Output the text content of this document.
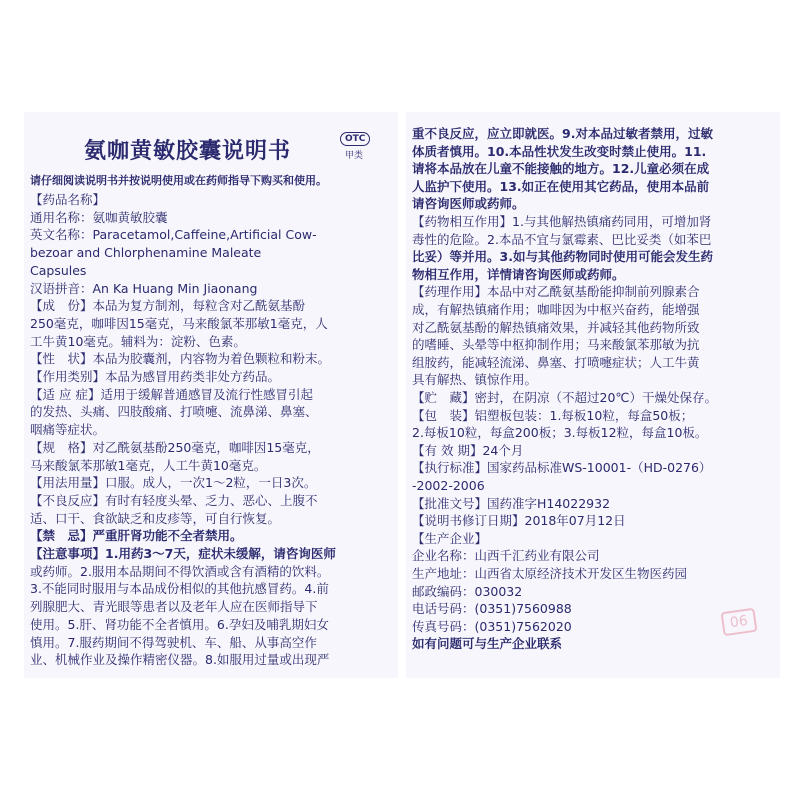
OTC
甲类
氨咖黄敏胶囊说明书
请仔细阅读说明书并按说明使用或在药师指导下购买和使用。
【药品名称】
通用名称：氨咖黄敏胶囊
英文名称：Paracetamol,Caffeine,Artificial Cow-
bezoar and Chlorphenamine Maleate
Capsules
汉语拼音：An Ka Huang Min Jiaonang
【成　份】本品为复方制剂，每粒含对乙酰氨基酚
250毫克，咖啡因15毫克，马来酸氯苯那敏1毫克，人
工牛黄10毫克。辅料为：淀粉、色素。
【性　状】本品为胶囊剂，内容物为着色颗粒和粉末。
【作用类别】本品为感冒用药类非处方药品。
【适 应 症】适用于缓解普通感冒及流行性感冒引起
的发热、头痛、四肢酸痛、打喷嚏、流鼻涕、鼻塞、
咽痛等症状。
【规　格】对乙酰氨基酚250毫克，咖啡因15毫克，
马来酸氯苯那敏1毫克，人工牛黄10毫克。
【用法用量】口服。成人，一次1～2粒，一日3次。
【不良反应】有时有轻度头晕、乏力、恶心、上腹不
适、口干、食欲缺乏和皮疹等，可自行恢复。
【禁　忌】严重肝肾功能不全者禁用。
【注意事项】1.用药3～7天，症状未缓解，请咨询医师
或药师。2.服用本品期间不得饮酒或含有酒精的饮料。
3.不能同时服用与本品成份相似的其他抗感冒药。4.前
列腺肥大、青光眼等患者以及老年人应在医师指导下
使用。5.肝、肾功能不全者慎用。6.孕妇及哺乳期妇女
慎用。7.服药期间不得驾驶机、车、船、从事高空作
业、机械作业及操作精密仪器。8.如服用过量或出现严
重不良反应，应立即就医。9.对本品过敏者禁用，过敏
体质者慎用。10.本品性状发生改变时禁止使用。11.
请将本品放在儿童不能接触的地方。12.儿童必须在成
人监护下使用。13.如正在使用其它药品，使用本品前
请咨询医师或药师。
【药物相互作用】1.与其他解热镇痛药同用，可增加肾
毒性的危险。2.本品不宜与氯霉素、巴比妥类（如苯巴
比妥）等并用。3.如与其他药物同时使用可能会发生药
物相互作用，详情请咨询医师或药师。
【药理作用】本品中对乙酰氨基酚能抑制前列腺素合
成，有解热镇痛作用；咖啡因为中枢兴奋药，能增强
对乙酰氨基酚的解热镇痛效果，并减轻其他药物所致
的嗜睡、头晕等中枢抑制作用；马来酸氯苯那敏为抗
组胺药，能减轻流涕、鼻塞、打喷嚏症状；人工牛黄
具有解热、镇惊作用。
【贮　藏】密封，在阴凉（不超过20℃）干燥处保存。
【包　装】铝塑板包装：1.每板10粒，每盒50板；
2.每板10粒，每盒200板；3.每板12粒，每盒10板。
【有 效 期】24个月
【执行标准】国家药品标准WS-10001-（HD-0276）
-2002-2006
【批准文号】国药准字H14022932
【说明书修订日期】2018年07月12日
【生产企业】
企业名称：山西千汇药业有限公司
生产地址：山西省太原经济技术开发区生物医药园
邮政编码：030032
电话号码：(0351)7560988
传真号码：(0351)7562020
如有问题可与生产企业联系
06
